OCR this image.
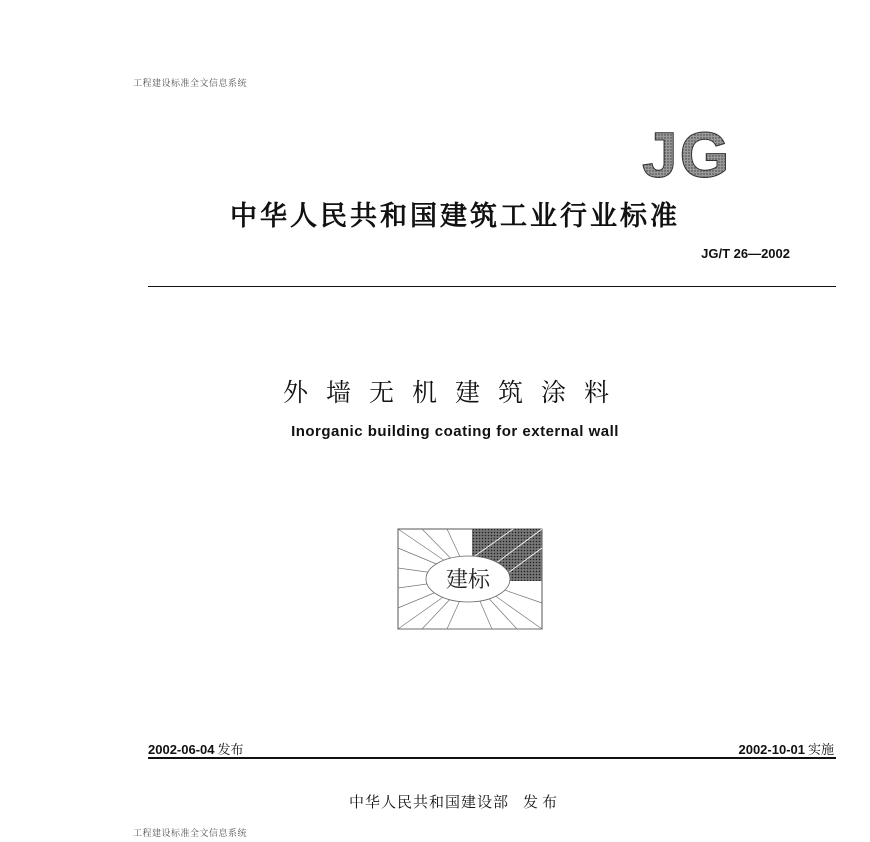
工程建设标准全文信息系统
JG
中华人民共和国建筑工业行业标准
JG/T 26—2002
外墙无机建筑涂料
Inorganic building coating for external wall
建标
2002-06-04 发布	2002-10-01 实施
中华人民共和国建设部 发布
工程建设标准全文信息系统
